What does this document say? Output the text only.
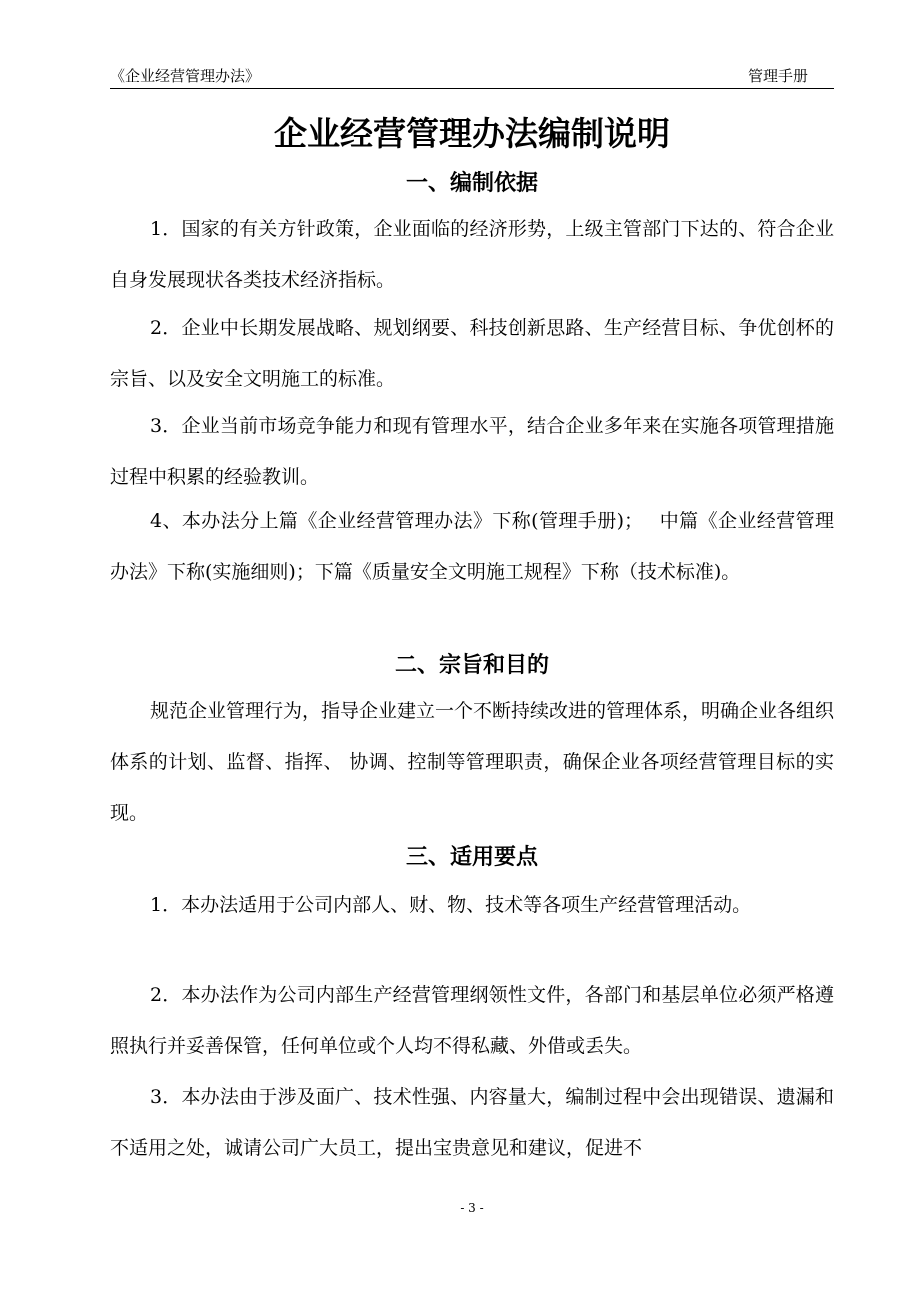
《企业经营管理办法》	管理手册
企业经营管理办法编制说明
一、编制依据

1．国家的有关方针政策，企业面临的经济形势，上级主管部门下达的、符合企业自身发展现状各类技术经济指标。

2．企业中长期发展战略、规划纲要、科技创新思路、生产经营目标、争优创杯的宗旨、以及安全文明施工的标准。

3．企业当前市场竞争能力和现有管理水平，结合企业多年来在实施各项管理措施过程中积累的经验教训。

4、本办法分上篇《企业经营管理办法》下称(管理手册)；　 中篇《企业经营管理办法》下称(实施细则)；下篇《质量安全文明施工规程》下称（技术标准)。

二、宗旨和目的

规范企业管理行为，指导企业建立一个不断持续改进的管理体系，明确企业各组织体系的计划、监督、指挥、 协调、控制等管理职责，确保企业各项经营管理目标的实现。

三、适用要点

1．本办法适用于公司内部人、财、物、技术等各项生产经营管理活动。

2．本办法作为公司内部生产经营管理纲领性文件，各部门和基层单位必须严格遵照执行并妥善保管，任何单位或个人均不得私藏、外借或丢失。

3．本办法由于涉及面广、技术性强、内容量大，编制过程中会出现错误、遗漏和不适用之处，诚请公司广大员工，提出宝贵意见和建议，促进不

- 3 -
